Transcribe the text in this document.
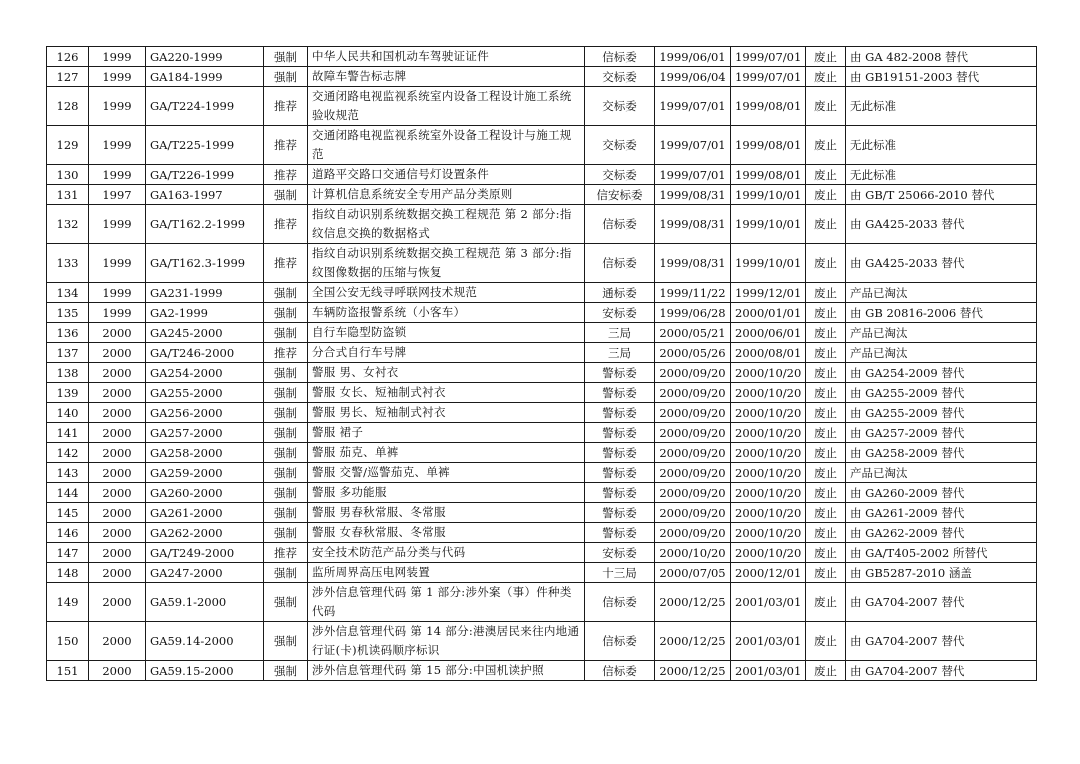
126	1999	GA220-1999	强制	中华人民共和国机动车驾驶证证件	信标委	1999/06/01	1999/07/01	废止	由 GA 482-2008 替代
127	1999	GA184-1999	强制	故障车警告标志牌	交标委	1999/06/04	1999/07/01	废止	由 GB19151-2003 替代
128	1999	GA/T224-1999	推荐	交通闭路电视监视系统室内设备工程设计施工系统验收规范	交标委	1999/07/01	1999/08/01	废止	无此标准
129	1999	GA/T225-1999	推荐	交通闭路电视监视系统室外设备工程设计与施工规范	交标委	1999/07/01	1999/08/01	废止	无此标准
130	1999	GA/T226-1999	推荐	道路平交路口交通信号灯设置条件	交标委	1999/07/01	1999/08/01	废止	无此标准
131	1997	GA163-1997	强制	计算机信息系统安全专用产品分类原则	信安标委	1999/08/31	1999/10/01	废止	由 GB/T 25066-2010 替代
132	1999	GA/T162.2-1999	推荐	指纹自动识别系统数据交换工程规范 第 2 部分:指纹信息交换的数据格式	信标委	1999/08/31	1999/10/01	废止	由 GA425-2033 替代
133	1999	GA/T162.3-1999	推荐	指纹自动识别系统数据交换工程规范 第 3 部分:指纹图像数据的压缩与恢复	信标委	1999/08/31	1999/10/01	废止	由 GA425-2033 替代
134	1999	GA231-1999	强制	全国公安无线寻呼联网技术规范	通标委	1999/11/22	1999/12/01	废止	产品已淘汰
135	1999	GA2-1999	强制	车辆防盗报警系统（小客车）	安标委	1999/06/28	2000/01/01	废止	由 GB 20816-2006 替代
136	2000	GA245-2000	强制	自行车隐型防盗锁	三局	2000/05/21	2000/06/01	废止	产品已淘汰
137	2000	GA/T246-2000	推荐	分合式自行车号牌	三局	2000/05/26	2000/08/01	废止	产品已淘汰
138	2000	GA254-2000	强制	警服 男、女衬衣	警标委	2000/09/20	2000/10/20	废止	由 GA254-2009 替代
139	2000	GA255-2000	强制	警服 女长、短袖制式衬衣	警标委	2000/09/20	2000/10/20	废止	由 GA255-2009 替代
140	2000	GA256-2000	强制	警服 男长、短袖制式衬衣	警标委	2000/09/20	2000/10/20	废止	由 GA255-2009 替代
141	2000	GA257-2000	强制	警服 裙子	警标委	2000/09/20	2000/10/20	废止	由 GA257-2009 替代
142	2000	GA258-2000	强制	警服 茄克、单裤	警标委	2000/09/20	2000/10/20	废止	由 GA258-2009 替代
143	2000	GA259-2000	强制	警服 交警/巡警茄克、单裤	警标委	2000/09/20	2000/10/20	废止	产品已淘汰
144	2000	GA260-2000	强制	警服 多功能服	警标委	2000/09/20	2000/10/20	废止	由 GA260-2009 替代
145	2000	GA261-2000	强制	警服 男春秋常服、冬常服	警标委	2000/09/20	2000/10/20	废止	由 GA261-2009 替代
146	2000	GA262-2000	强制	警服 女春秋常服、冬常服	警标委	2000/09/20	2000/10/20	废止	由 GA262-2009 替代
147	2000	GA/T249-2000	推荐	安全技术防范产品分类与代码	安标委	2000/10/20	2000/10/20	废止	由 GA/T405-2002 所替代
148	2000	GA247-2000	强制	监所周界高压电网装置	十三局	2000/07/05	2000/12/01	废止	由 GB5287-2010 涵盖
149	2000	GA59.1-2000	强制	涉外信息管理代码 第 1 部分:涉外案（事）件种类代码	信标委	2000/12/25	2001/03/01	废止	由 GA704-2007 替代
150	2000	GA59.14-2000	强制	涉外信息管理代码 第 14 部分:港澳居民来往内地通行证(卡)机读码顺序标识	信标委	2000/12/25	2001/03/01	废止	由 GA704-2007 替代
151	2000	GA59.15-2000	强制	涉外信息管理代码 第 15 部分:中国机读护照	信标委	2000/12/25	2001/03/01	废止	由 GA704-2007 替代
